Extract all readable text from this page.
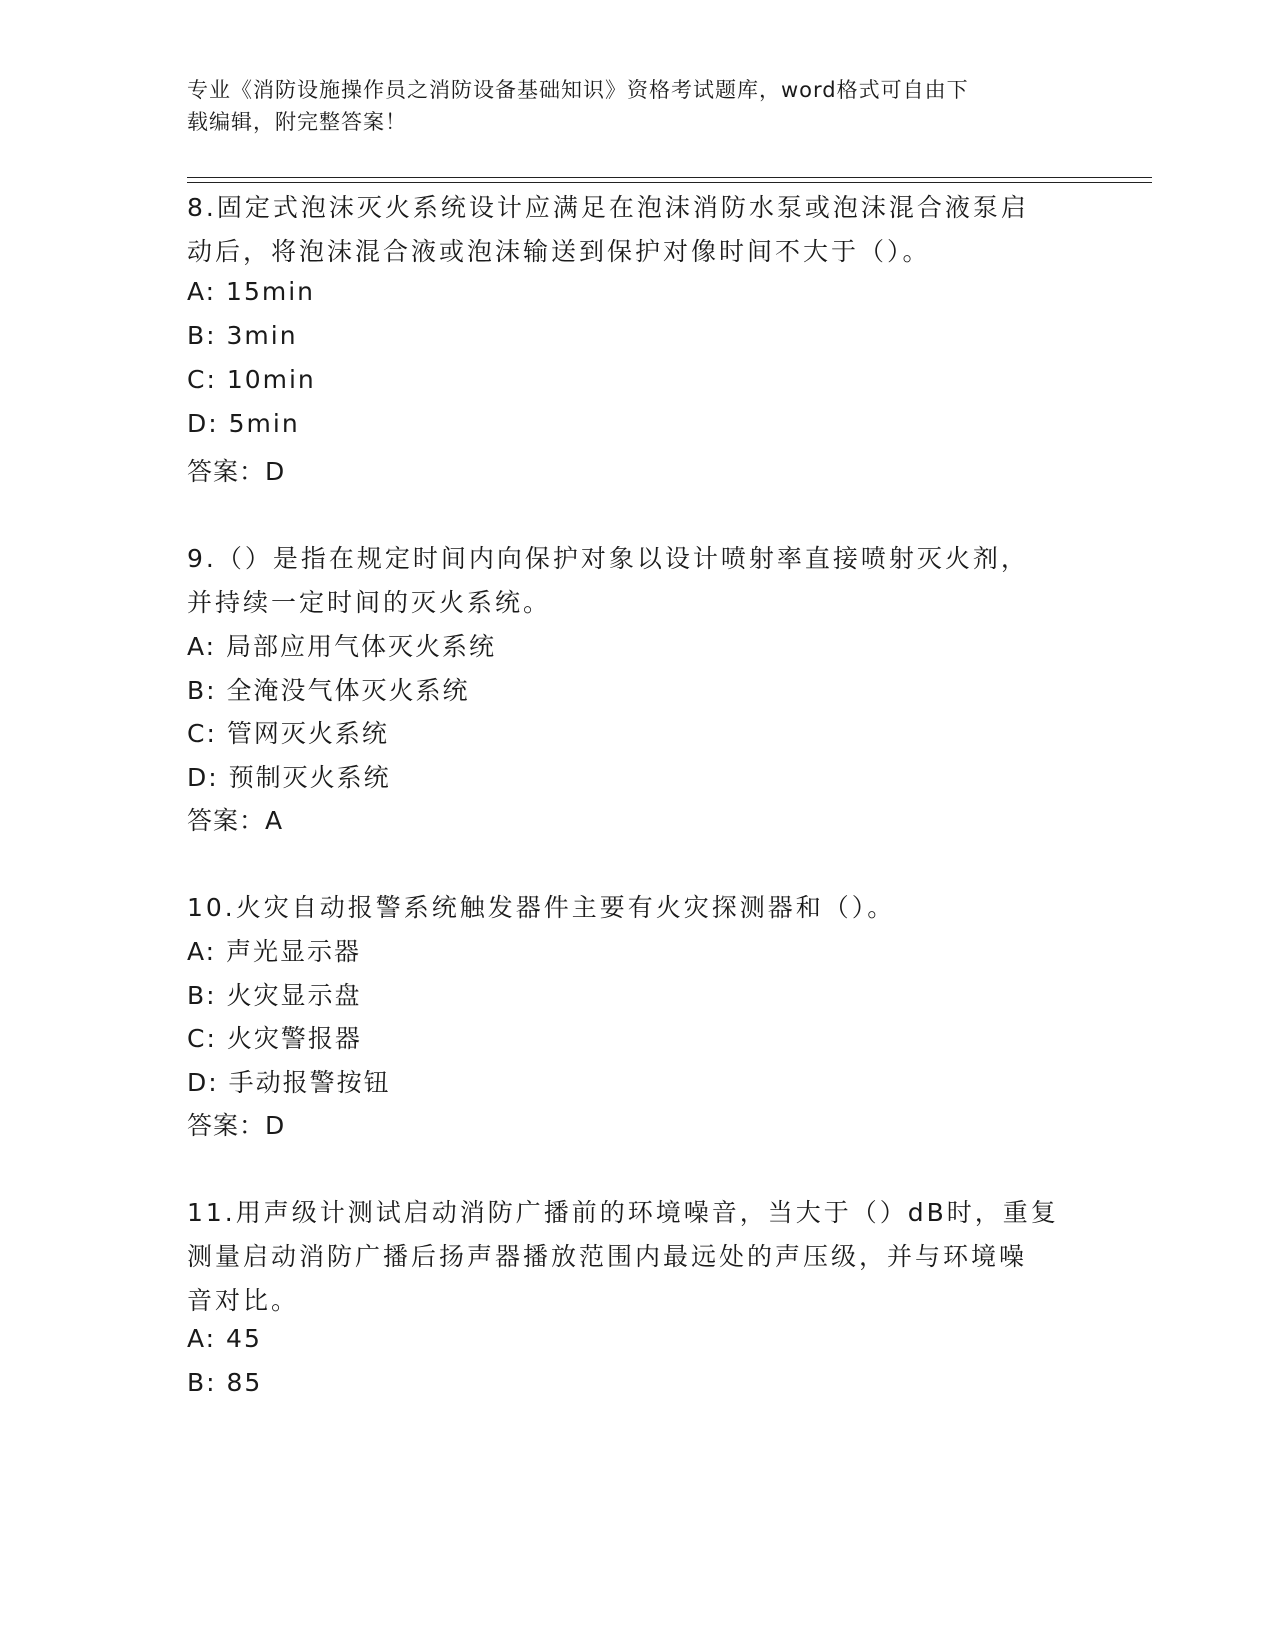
专业《消防设施操作员之消防设备基础知识》资格考试题库，word格式可自由下
载编辑，附完整答案！
8.固定式泡沫灭火系统设计应满足在泡沫消防水泵或泡沫混合液泵启
动后，将泡沫混合液或泡沫输送到保护对像时间不大于（）。
A: 15min
B: 3min
C: 10min
D: 5min
答案：D
9.（）是指在规定时间内向保护对象以设计喷射率直接喷射灭火剂，
并持续一定时间的灭火系统。
A: 局部应用气体灭火系统
B: 全淹没气体灭火系统
C: 管网灭火系统
D: 预制灭火系统
答案：A
10.火灾自动报警系统触发器件主要有火灾探测器和（）。
A: 声光显示器
B: 火灾显示盘
C: 火灾警报器
D: 手动报警按钮
答案：D
11.用声级计测试启动消防广播前的环境噪音，当大于（）dB时，重复
测量启动消防广播后扬声器播放范围内最远处的声压级，并与环境噪
音对比。
A: 45
B: 85
